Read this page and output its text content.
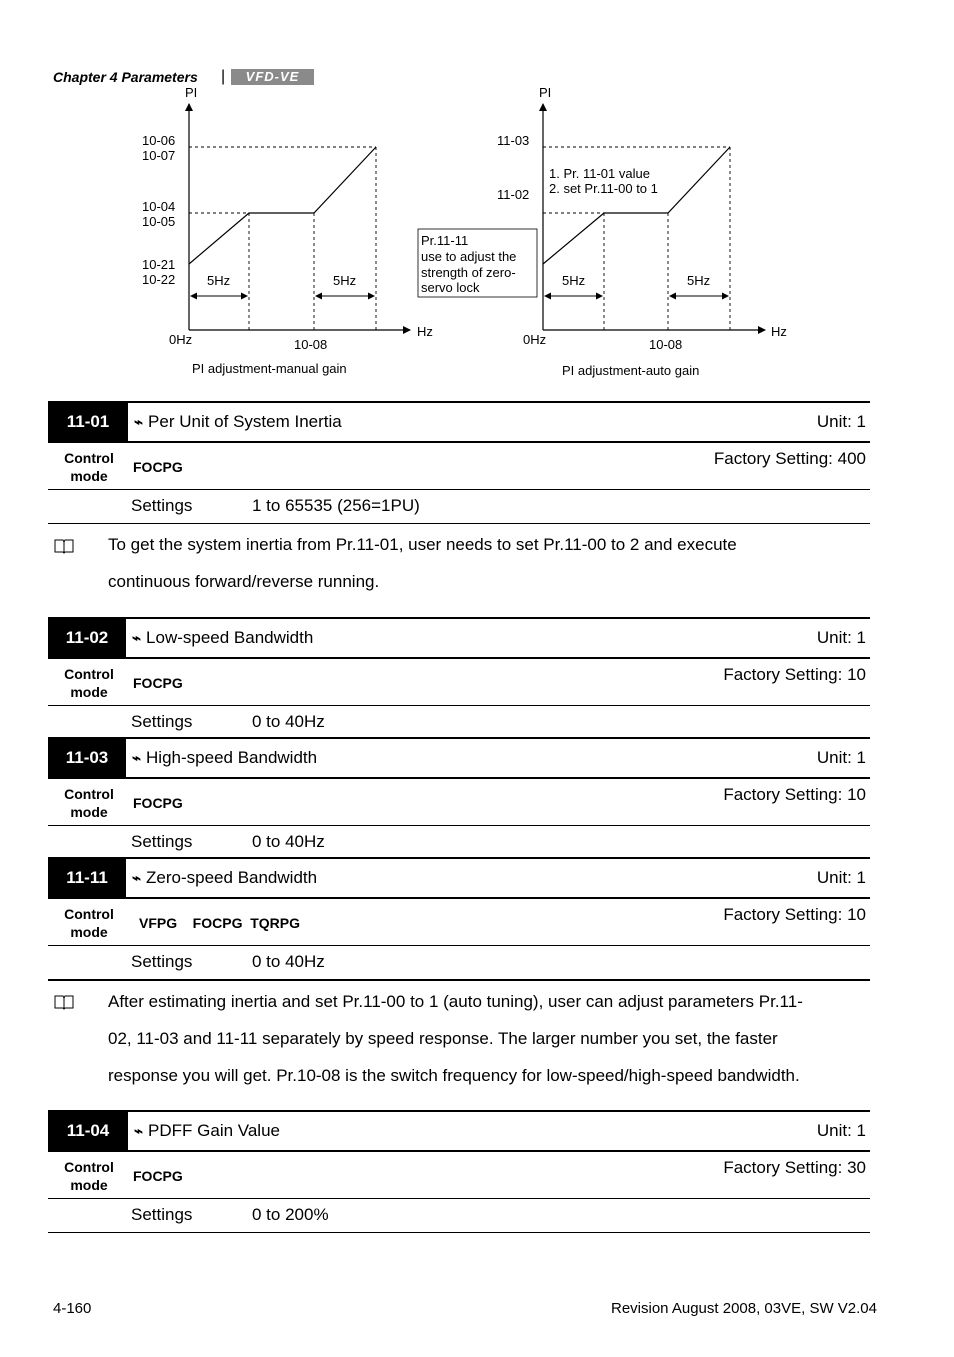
Chapter 4 Parameters |	VFD-VE
PI
Hz
10-06
10-07
10-04
10-05
10-21
10-22 5Hz	5Hz
0Hz	10-08
PI adjustment-manual gain
Pr.11-11
use to adjust the
strength of zero-
servo lock
PI
Hz
11-03
11-02
1. Pr. 11-01 value
2. set Pr.11-00 to 1
5Hz	5Hz
0Hz	10-08
PI adjustment-auto gain
11-01	⌁ Per Unit of System Inertia	Unit: 1
Control
mode
FOCPG	Factory Setting: 400
Settings	1 to 65535 (256=1PU)
To get the system inertia from Pr.11-01, user needs to set Pr.11-00 to 2 and execute
continuous forward/reverse running.
11-02	⌁ Low-speed Bandwidth	Unit: 1
Control
mode
FOCPG	Factory Setting: 10
Settings	0 to 40Hz
11-03	⌁ High-speed Bandwidth	Unit: 1
Control
mode
FOCPG	Factory Setting: 10
Settings	0 to 40Hz
11-11	⌁ Zero-speed Bandwidth	Unit: 1
Control
mode
VFPG    FOCPG  TQRPG	Factory Setting: 10
Settings	0 to 40Hz
After estimating inertia and set Pr.11-00 to 1 (auto tuning), user can adjust parameters Pr.11-
02, 11-03 and 11-11 separately by speed response. The larger number you set, the faster
response you will get. Pr.10-08 is the switch frequency for low-speed/high-speed bandwidth.
11-04	⌁ PDFF Gain Value	Unit: 1
Control
mode
FOCPG	Factory Setting: 30
Settings	0 to 200%
4-160	Revision August 2008, 03VE, SW V2.04
